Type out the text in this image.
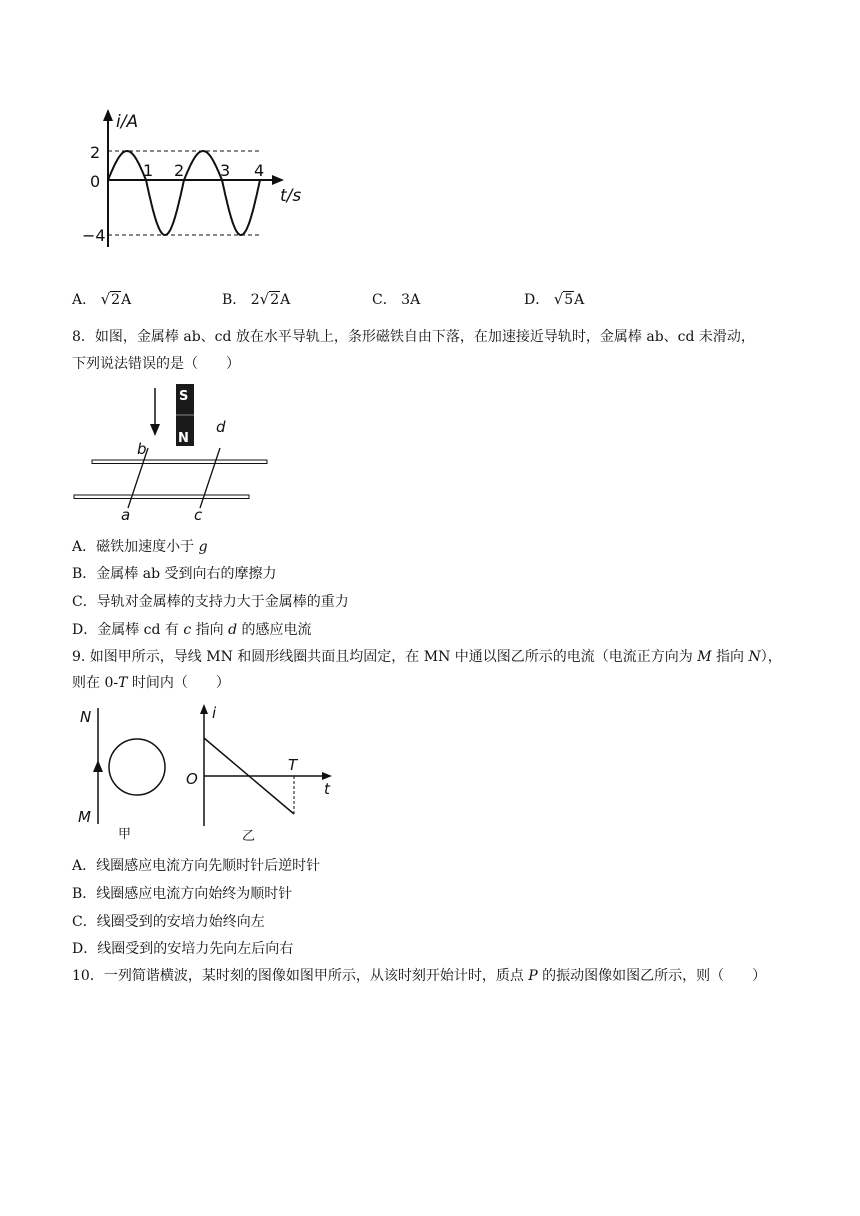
i/A
2
0
−4
1 2 3 4
t/s
A． √2A	B． 2√2A	C． 3A	D． √5A
8．如图，金属棒 ab、cd 放在水平导轨上，条形磁铁自由下落，在加速接近导轨时，金属棒 ab、cd 未滑动，
下列说法错误的是（　　）
S
N
b
d
a	c
A．磁铁加速度小于 g
B．金属棒 ab 受到向右的摩擦力
C．导轨对金属棒的支持力大于金属棒的重力
D．金属棒 cd 有 c 指向 d 的感应电流
9. 如图甲所示，导线 MN 和圆形线圈共面且均固定，在 MN 中通以图乙所示的电流（电流正方向为 M 指向 N），
则在 0-T 时间内（　　）
N
M
甲
i
O
T
t
乙
A．线圈感应电流方向先顺时针后逆时针
B．线圈感应电流方向始终为顺时针
C．线圈受到的安培力始终向左
D．线圈受到的安培力先向左后向右
10．一列简谐横波，某时刻的图像如图甲所示，从该时刻开始计时，质点 P 的振动图像如图乙所示，则（　　）
